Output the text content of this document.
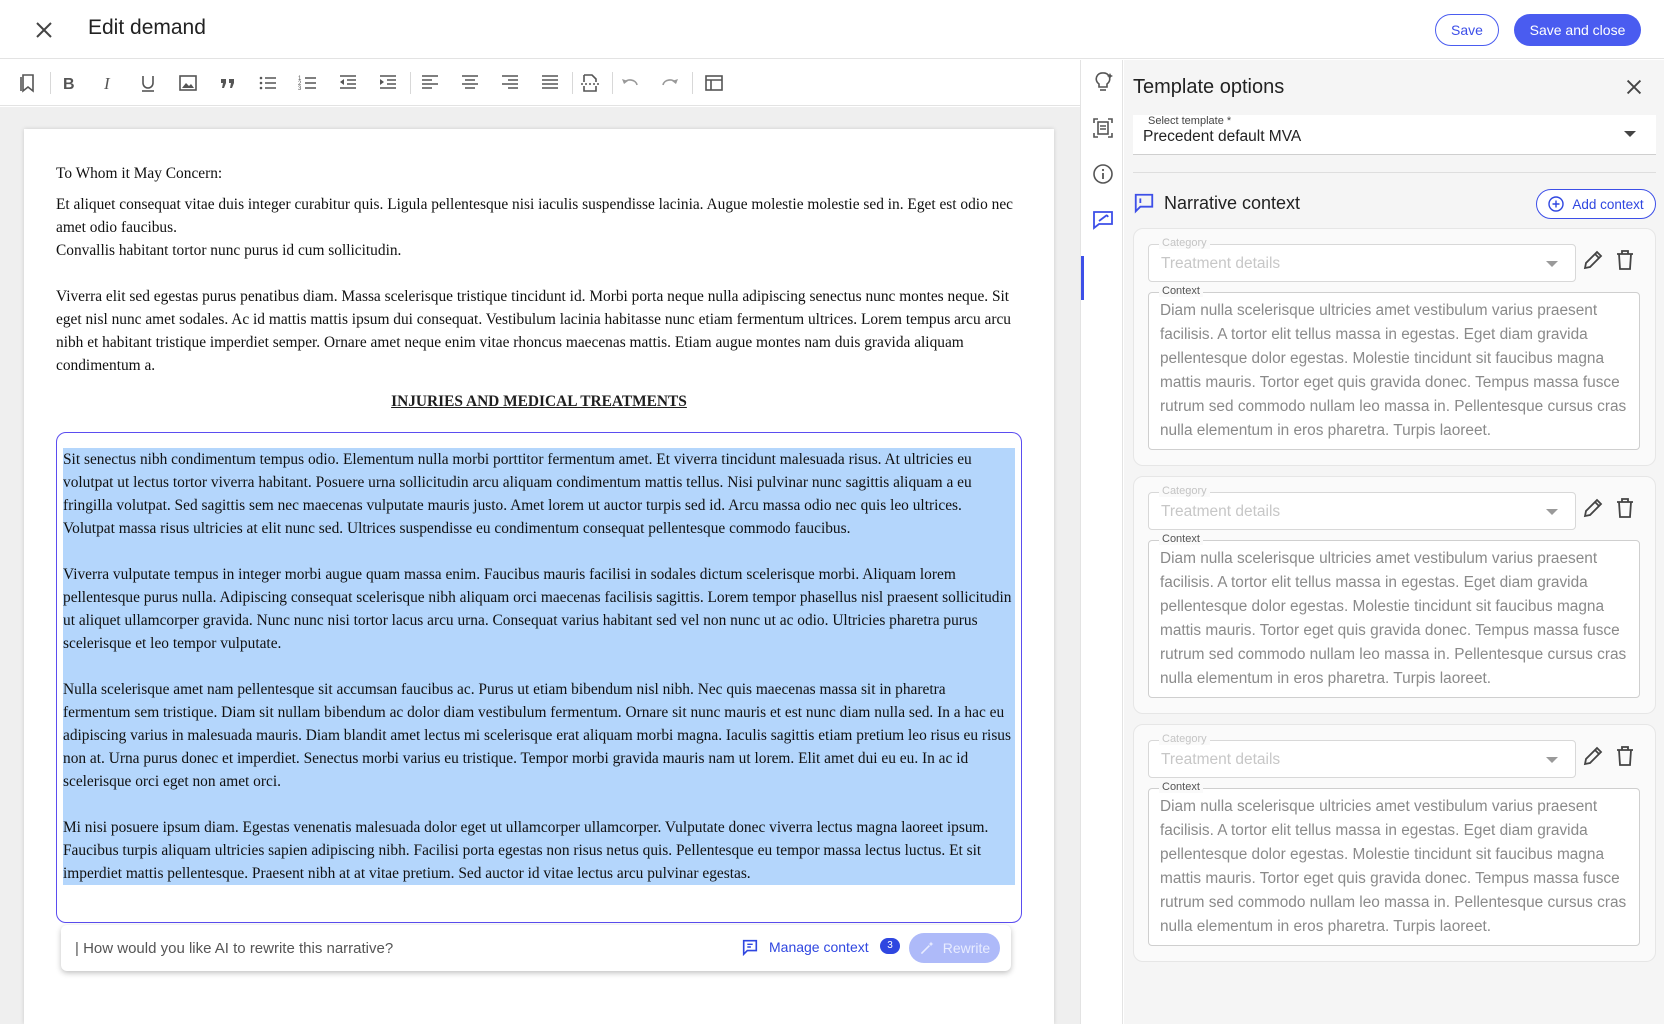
Edit demand	Save	Save and close
B I	1
2
3
To Whom it May Concern:
Et aliquet consequat vitae duis integer curabitur quis. Ligula pellentesque nisi iaculis suspendisse lacinia. Augue molestie molestie sed in. Eget est odio nec amet odio faucibus.
Convallis habitant tortor nunc purus id cum sollicitudin.
Viverra elit sed egestas purus penatibus diam. Massa scelerisque tristique tincidunt id. Morbi porta neque nulla adipiscing senectus nunc montes neque. Sit eget nisl nunc amet sodales. Ac id mattis mattis ipsum dui consequat. Vestibulum lacinia habitasse nunc etiam fermentum ultrices. Lorem tempus arcu arcu nibh et habitant tristique imperdiet semper. Ornare amet neque enim vitae rhoncus maecenas mattis. Etiam augue montes nam duis gravida aliquam condimentum a.
INJURIES AND MEDICAL TREATMENTS

Sit senectus nibh condimentum tempus odio. Elementum nulla morbi porttitor fermentum amet. Et viverra tincidunt malesuada risus. At ultricies eu volutpat ut lectus tortor viverra habitant. Posuere urna sollicitudin arcu aliquam condimentum mattis tellus. Nisi pulvinar nunc sagittis aliquam a eu fringilla volutpat. Sed sagittis sem nec maecenas vulputate mauris justo. Amet lorem ut auctor turpis sed id. Arcu massa odio nec quis leo ultrices. Volutpat massa risus ultricies at elit nunc sed. Ultrices suspendisse eu condimentum consequat pellentesque commodo faucibus.

Viverra vulputate tempus in integer morbi augue quam massa enim. Faucibus mauris facilisi in sodales dictum scelerisque morbi. Aliquam lorem pellentesque purus nulla. Adipiscing consequat scelerisque nibh aliquam orci maecenas facilisis sagittis. Lorem tempor phasellus nisl praesent sollicitudin ut aliquet ullamcorper gravida. Nunc nunc nisi tortor lacus arcu urna. Consequat varius habitant sed vel non nunc ut ac odio. Ultricies pharetra purus scelerisque et leo tempor vulputate.

Nulla scelerisque amet nam pellentesque sit accumsan faucibus ac. Purus ut etiam bibendum nisl nibh. Nec quis maecenas massa sit in pharetra fermentum sem tristique. Diam sit nullam bibendum ac dolor diam vestibulum fermentum. Ornare sit nunc mauris et est nunc diam nulla sed. In a hac eu adipiscing varius in malesuada mauris. Diam blandit amet lectus mi scelerisque erat aliquam morbi magna. Iaculis sagittis etiam pretium leo risus eu risus non at. Urna purus donec et imperdiet. Senectus morbi varius eu tristique. Tempor morbi gravida mauris nam ut lorem. Elit amet dui eu eu. In ac id scelerisque orci eget non amet orci.

Mi nisi posuere ipsum diam. Egestas venenatis malesuada dolor eget ut ullamcorper ullamcorper. Vulputate donec viverra lectus magna laoreet ipsum. Faucibus turpis aliquam ultricies sapien adipiscing nibh. Facilisi porta egestas non risus netus quis. Pellentesque eu tempor massa lectus luctus. Et sit imperdiet mattis pellentesque. Praesent nibh at at vitae pretium. Sed auctor id vitae lectus arcu pulvinar egestas.

| How would you like AI to rewrite this narrative?
Manage context	3	Rewrite
Template options
Select template *
Precedent default MVA
Narrative context	Add context
Category
Treatment details
Context
Diam nulla scelerisque ultricies amet vestibulum varius praesent facilisis. A tortor elit tellus massa in egestas. Eget diam gravida pellentesque dolor egestas. Molestie tincidunt sit faucibus magna mattis mauris. Tortor eget quis gravida donec. Tempus massa fusce rutrum sed commodo nullam leo massa in. Pellentesque cursus cras nulla elementum in eros pharetra. Turpis laoreet.
Category
Treatment details
Context
Diam nulla scelerisque ultricies amet vestibulum varius praesent facilisis. A tortor elit tellus massa in egestas. Eget diam gravida pellentesque dolor egestas. Molestie tincidunt sit faucibus magna mattis mauris. Tortor eget quis gravida donec. Tempus massa fusce rutrum sed commodo nullam leo massa in. Pellentesque cursus cras nulla elementum in eros pharetra. Turpis laoreet.
Category
Treatment details
Context
Diam nulla scelerisque ultricies amet vestibulum varius praesent facilisis. A tortor elit tellus massa in egestas. Eget diam gravida pellentesque dolor egestas. Molestie tincidunt sit faucibus magna mattis mauris. Tortor eget quis gravida donec. Tempus massa fusce rutrum sed commodo nullam leo massa in. Pellentesque cursus cras nulla elementum in eros pharetra. Turpis laoreet.
